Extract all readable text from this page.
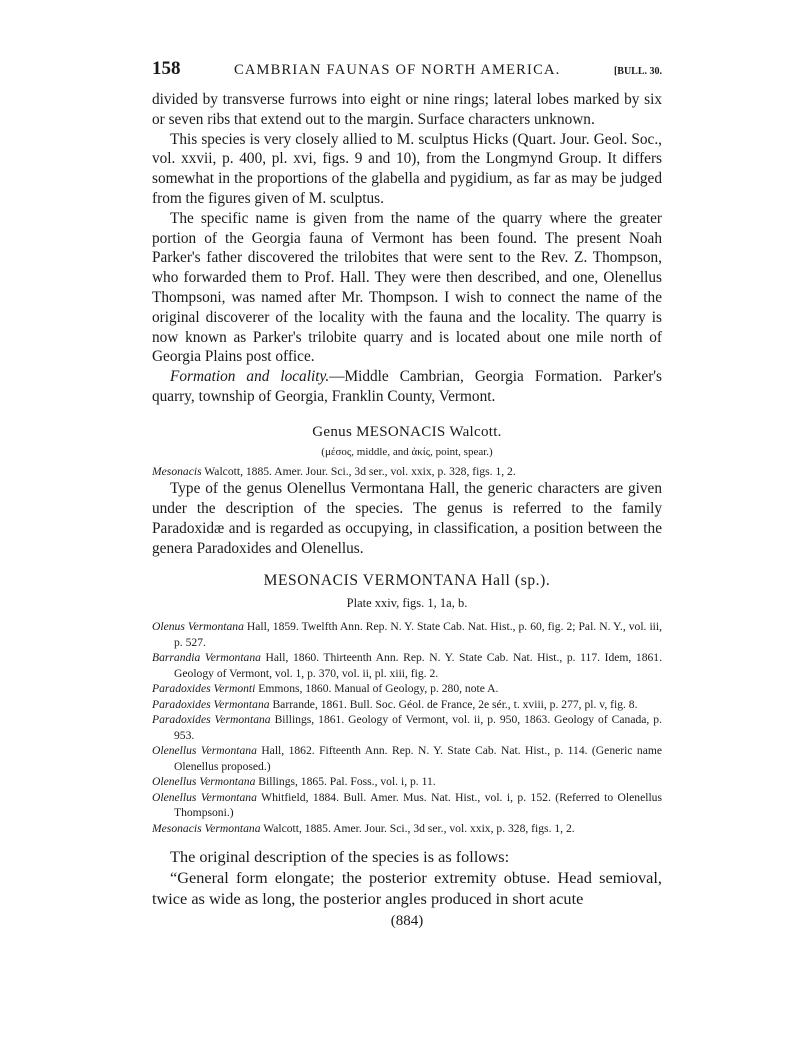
158	CAMBRIAN FAUNAS OF NORTH AMERICA.	[BULL. 30.

divided by transverse furrows into eight or nine rings; lateral lobes marked by six or seven ribs that extend out to the margin. Surface characters unknown.

This species is very closely allied to M. sculptus Hicks (Quart. Jour. Geol. Soc., vol. xxvii, p. 400, pl. xvi, figs. 9 and 10), from the Longmynd Group. It differs somewhat in the proportions of the glabella and pygidium, as far as may be judged from the figures given of M. sculptus.

The specific name is given from the name of the quarry where the greater portion of the Georgia fauna of Vermont has been found. The present Noah Parker's father discovered the trilobites that were sent to the Rev. Z. Thompson, who forwarded them to Prof. Hall. They were then described, and one, Olenellus Thompsoni, was named after Mr. Thompson. I wish to connect the name of the original discoverer of the locality with the fauna and the locality. The quarry is now known as Parker's trilobite quarry and is located about one mile north of Georgia Plains post office.

Formation and locality.—Middle Cambrian, Georgia Formation. Parker's quarry, township of Georgia, Franklin County, Vermont.

Genus MESONACIS Walcott.
(μέσος, middle, and ἀκίς, point, spear.)

Mesonacis Walcott, 1885. Amer. Jour. Sci., 3d ser., vol. xxix, p. 328, figs. 1, 2.

Type of the genus Olenellus Vermontana Hall, the generic characters are given under the description of the species. The genus is referred to the family Paradoxidæ and is regarded as occupying, in classification, a position between the genera Paradoxides and Olenellus.

MESONACIS VERMONTANA Hall (sp.).
Plate xxiv, figs. 1, 1a, b.

Olenus Vermontana Hall, 1859. Twelfth Ann. Rep. N. Y. State Cab. Nat. Hist., p. 60, fig. 2; Pal. N. Y., vol. iii, p. 527.

Barrandia Vermontana Hall, 1860. Thirteenth Ann. Rep. N. Y. State Cab. Nat. Hist., p. 117. Idem, 1861. Geology of Vermont, vol. 1, p. 370, vol. ii, pl. xiii, fig. 2.

Paradoxides Vermonti Emmons, 1860. Manual of Geology, p. 280, note A.

Paradoxides Vermontana Barrande, 1861. Bull. Soc. Géol. de France, 2e sér., t. xviii, p. 277, pl. v, fig. 8.

Paradoxides Vermontana Billings, 1861. Geology of Vermont, vol. ii, p. 950, 1863. Geology of Canada, p. 953.

Olenellus Vermontana Hall, 1862. Fifteenth Ann. Rep. N. Y. State Cab. Nat. Hist., p. 114. (Generic name Olenellus proposed.)

Olenellus Vermontana Billings, 1865. Pal. Foss., vol. i, p. 11.

Olenellus Vermontana Whitfield, 1884. Bull. Amer. Mus. Nat. Hist., vol. i, p. 152. (Referred to Olenellus Thompsoni.)

Mesonacis Vermontana Walcott, 1885. Amer. Jour. Sci., 3d ser., vol. xxix, p. 328, figs. 1, 2.

The original description of the species is as follows:

“General form elongate; the posterior extremity obtuse. Head semioval, twice as wide as long, the posterior angles produced in short acute

(884)
